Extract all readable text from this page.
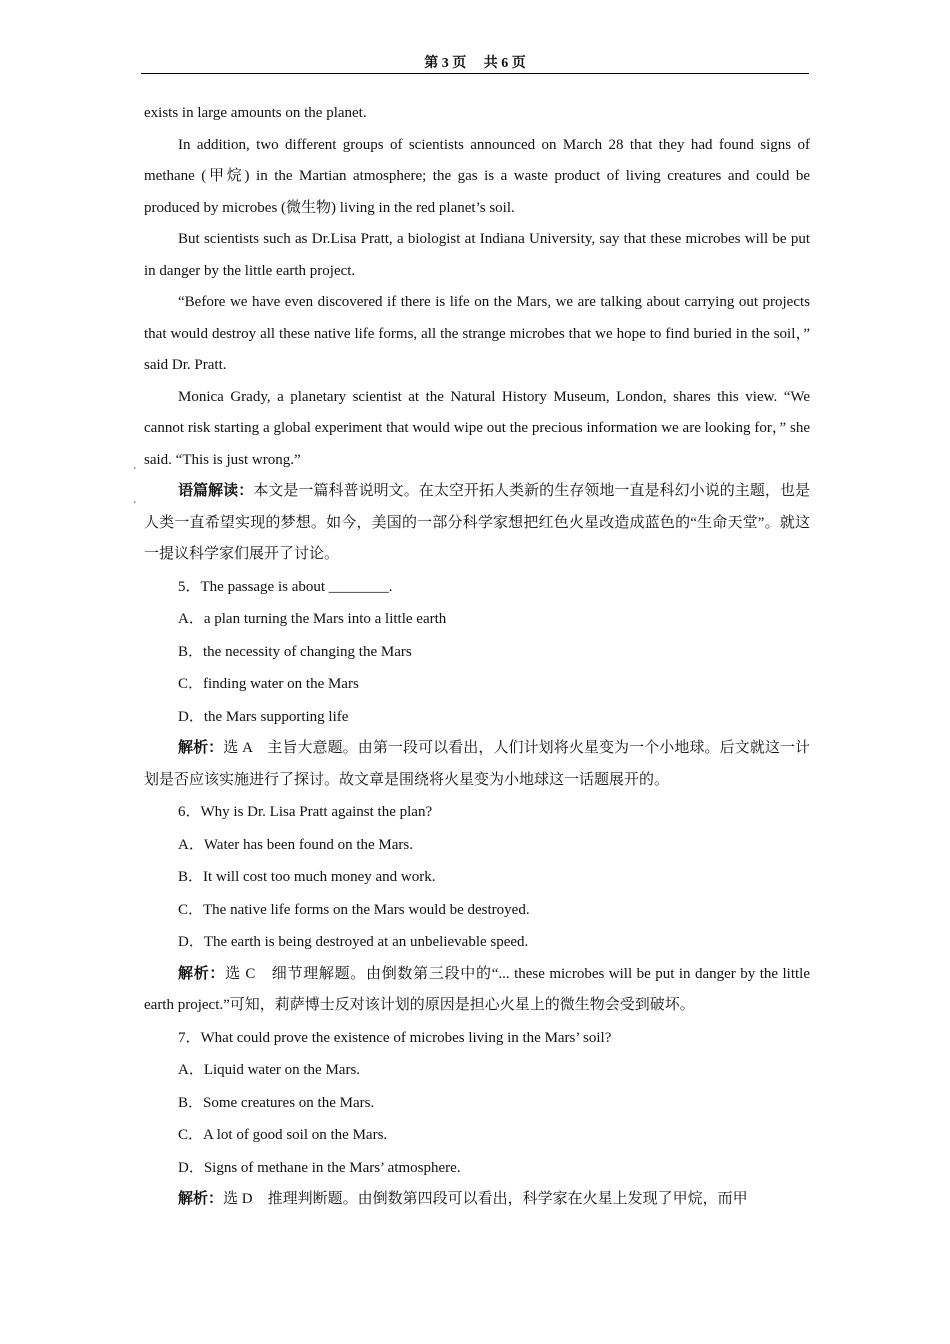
第 3 页　 共 6 页
'
'

exists in large amounts on the planet.

In addition, two different groups of scientists announced on March 28 that they had found signs of methane (甲烷) in the Martian atmosphere; the gas is a waste product of living creatures and could be produced by microbes (微生物) living in the red planet’s soil.

But scientists such as Dr.Lisa Pratt, a biologist at Indiana University, say that these microbes will be put in danger by the little earth project.

“Before we have even discovered if there is life on the Mars, we are talking about carrying out projects that would destroy all these native life forms, all the strange microbes that we hope to find buried in the soil，” said Dr. Pratt.

Monica Grady, a planetary scientist at the Natural History Museum, London, shares this view. “We cannot risk starting a global experiment that would wipe out the precious information we are looking for，” she said. “This is just wrong.”

语篇解读：本文是一篇科普说明文。在太空开拓人类新的生存领地一直是科幻小说的主题，也是人类一直希望实现的梦想。如今，美国的一部分科学家想把红色火星改造成蓝色的“生命天堂”。就这一提议科学家们展开了讨论。

5．The passage is about ________.

A．a plan turning the Mars into a little earth

B．the necessity of changing the Mars

C．finding water on the Mars

D．the Mars supporting life

解析：选 A　主旨大意题。由第一段可以看出，人们计划将火星变为一个小地球。后文就这一计划是否应该实施进行了探讨。故文章是围绕将火星变为小地球这一话题展开的。

6．Why is Dr. Lisa Pratt against the plan?

A．Water has been found on the Mars.

B．It will cost too much money and work.

C．The native life forms on the Mars would be destroyed.

D．The earth is being destroyed at an unbelievable speed.

解析：选 C　细节理解题。由倒数第三段中的“... these microbes will be put in danger by the little earth project.”可知，莉萨博士反对该计划的原因是担心火星上的微生物会受到破坏。

7．What could prove the existence of microbes living in the Mars’ soil?

A．Liquid water on the Mars.

B．Some creatures on the Mars.

C．A lot of good soil on the Mars.

D．Signs of methane in the Mars’ atmosphere.

解析：选 D　推理判断题。由倒数第四段可以看出，科学家在火星上发现了甲烷，而甲
